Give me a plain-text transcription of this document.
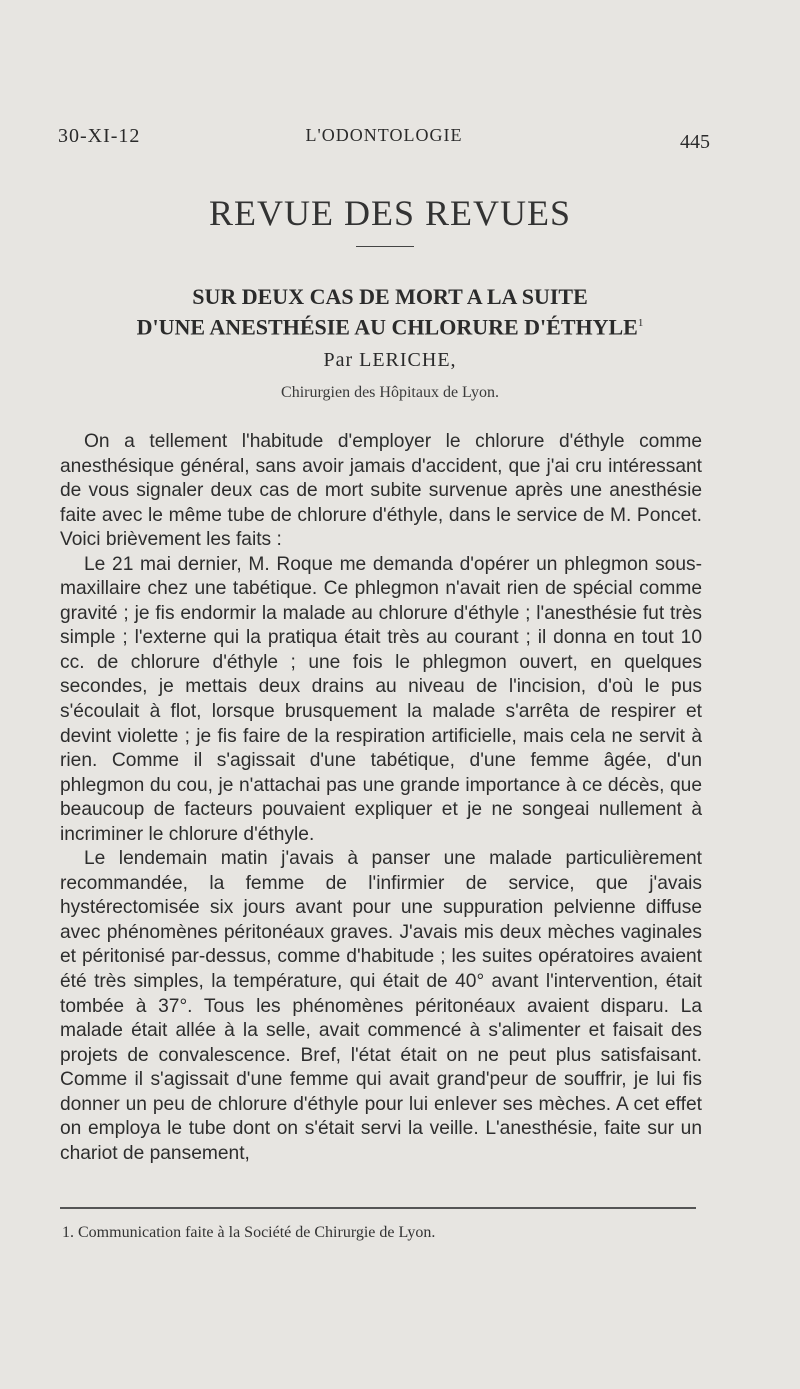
30-XI-12	L'ODONTOLOGIE	445
REVUE DES REVUES
SUR DEUX CAS DE MORT A LA SUITE
D'UNE ANESTHÉSIE AU CHLORURE D'ÉTHYLE$^1$
Par LERICHE,
Chirurgien des Hôpitaux de Lyon.

On a tellement l'habitude d'employer le chlorure d'éthyle comme anesthésique général, sans avoir jamais d'accident, que j'ai cru intéressant de vous signaler deux cas de mort subite survenue après une anesthésie faite avec le même tube de chlorure d'éthyle, dans le service de M. Poncet. Voici brièvement les faits :

Le 21 mai dernier, M. Roque me demanda d'opérer un phlegmon sous-maxillaire chez une tabétique. Ce phlegmon n'avait rien de spécial comme gravité ; je fis endormir la malade au chlorure d'éthyle ; l'anesthésie fut très simple ; l'externe qui la pratiqua était très au courant ; il donna en tout 10 cc. de chlorure d'éthyle ; une fois le phlegmon ouvert, en quelques secondes, je mettais deux drains au niveau de l'incision, d'où le pus s'écoulait à flot, lorsque brusquement la malade s'arrêta de respirer et devint violette ; je fis faire de la respiration artificielle, mais cela ne servit à rien. Comme il s'agissait d'une tabétique, d'une femme âgée, d'un phlegmon du cou, je n'attachai pas une grande importance à ce décès, que beaucoup de facteurs pouvaient expliquer et je ne songeai nullement à incriminer le chlorure d'éthyle.

Le lendemain matin j'avais à panser une malade particulièrement recommandée, la femme de l'infirmier de service, que j'avais hystérectomisée six jours avant pour une suppuration pelvienne diffuse avec phénomènes péritonéaux graves. J'avais mis deux mèches vaginales et péritonisé par-dessus, comme d'habitude ; les suites opératoires avaient été très simples, la température, qui était de 40° avant l'intervention, était tombée à 37°. Tous les phénomènes péritonéaux avaient disparu. La malade était allée à la selle, avait commencé à s'alimenter et faisait des projets de convalescence. Bref, l'état était on ne peut plus satisfaisant. Comme il s'agissait d'une femme qui avait grand'peur de souffrir, je lui fis donner un peu de chlorure d'éthyle pour lui enlever ses mèches. A cet effet on employa le tube dont on s'était servi la veille. L'anesthésie, faite sur un chariot de pansement,

1. Communication faite à la Société de Chirurgie de Lyon.
